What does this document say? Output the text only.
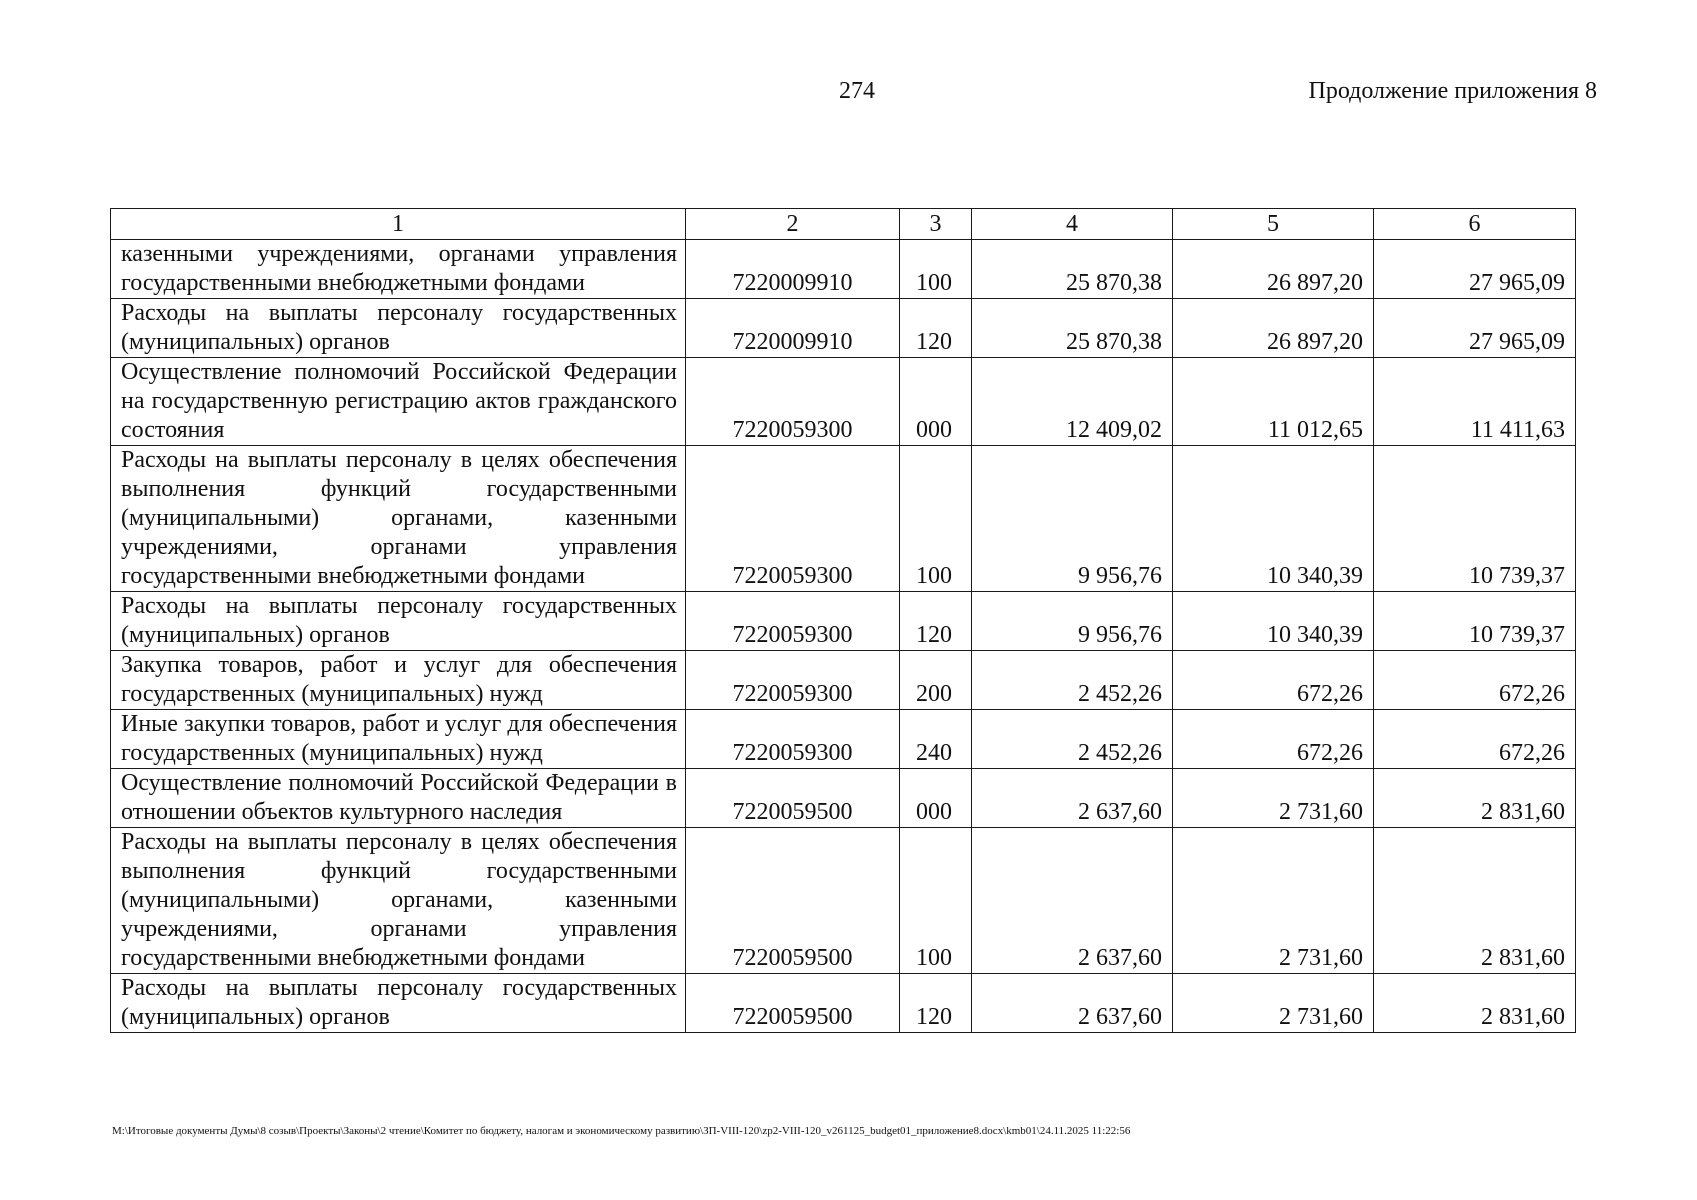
274	Продолжение приложения 8
1	2	3	4	5	6
казенными учреждениями, органами управления государственными внебюджетными фондами	7220009910	100	25 870,38	26 897,20	27 965,09
Расходы на выплаты персоналу государственных (муниципальных) органов	7220009910	120	25 870,38	26 897,20	27 965,09
Осуществление полномочий Российской Федерации на государственную регистрацию актов гражданского состояния	7220059300	000	12 409,02	11 012,65	11 411,63
Расходы на выплаты персоналу в целях обеспечения выполнения функций государственными (муниципальными) органами, казенными учреждениями, органами управления государственными внебюджетными фондами	7220059300	100	9 956,76	10 340,39	10 739,37
Расходы на выплаты персоналу государственных (муниципальных) органов	7220059300	120	9 956,76	10 340,39	10 739,37
Закупка товаров, работ и услуг для обеспечения государственных (муниципальных) нужд	7220059300	200	2 452,26	672,26	672,26
Иные закупки товаров, работ и услуг для обеспечения государственных (муниципальных) нужд	7220059300	240	2 452,26	672,26	672,26
Осуществление полномочий Российской Федерации в отношении объектов культурного наследия	7220059500	000	2 637,60	2 731,60	2 831,60
Расходы на выплаты персоналу в целях обеспечения выполнения функций государственными (муниципальными) органами, казенными учреждениями, органами управления государственными внебюджетными фондами	7220059500	100	2 637,60	2 731,60	2 831,60
Расходы на выплаты персоналу государственных (муниципальных) органов	7220059500	120	2 637,60	2 731,60	2 831,60
M:\Итоговые документы Думы\8 созыв\Проекты\Законы\2 чтение\Комитет по бюджету, налогам и экономическому развитию\ЗП-VIII-120\zp2-VIII-120_v261125_budget01_приложение8.docx\kmb01\24.11.2025 11:22:56
